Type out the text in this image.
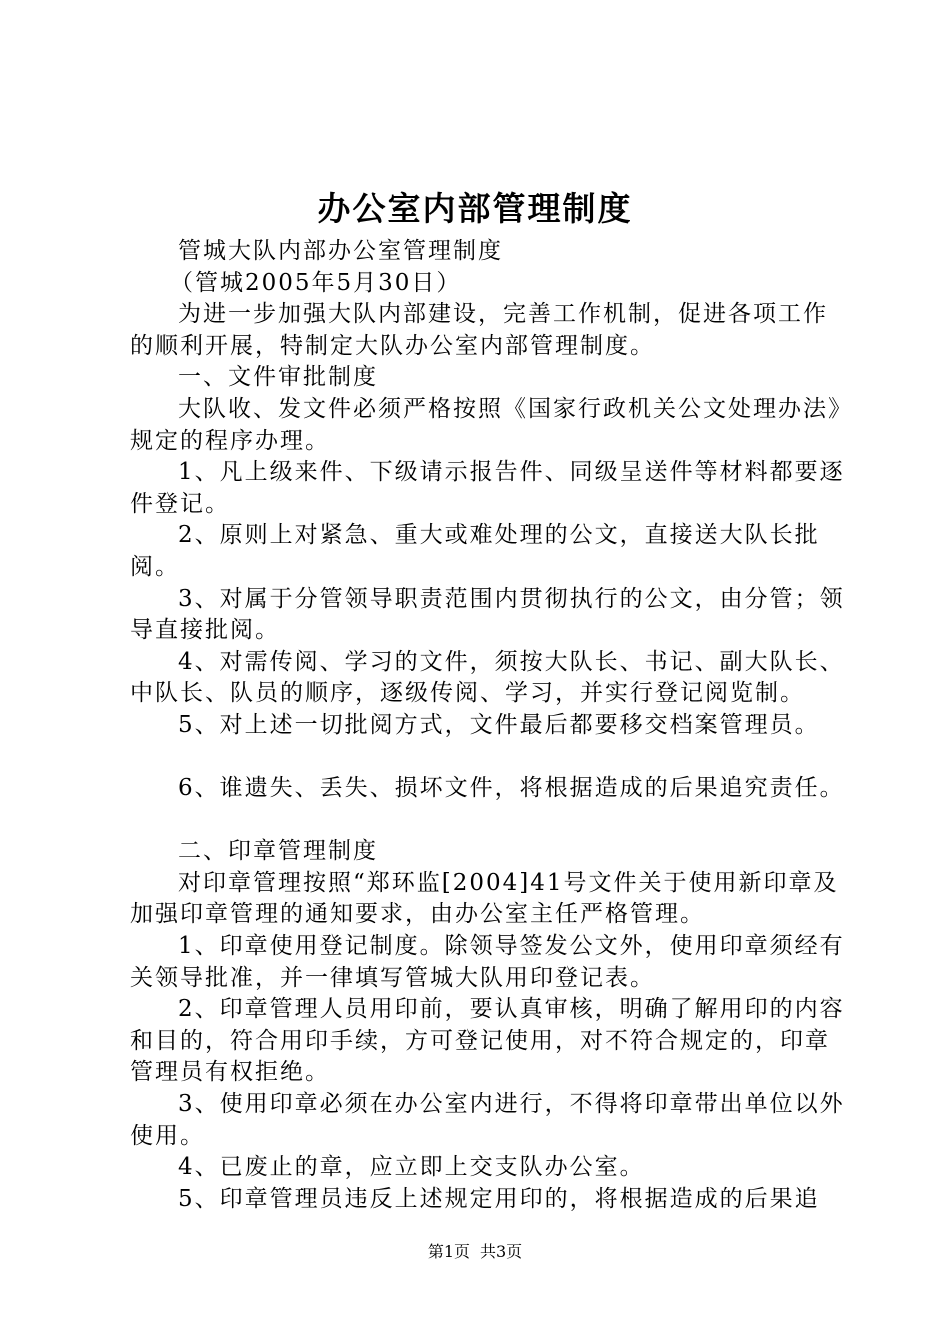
办公室内部管理制度

管城大队内部办公室管理制度

（管城2005年5月30日）

为进一步加强大队内部建设，完善工作机制，促进各项工作的顺利开展，特制定大队办公室内部管理制度。

一、文件审批制度

大队收、发文件必须严格按照《国家行政机关公文处理办法》规定的程序办理。

1、凡上级来件、下级请示报告件、同级呈送件等材料都要逐件登记。

2、原则上对紧急、重大或难处理的公文，直接送大队长批阅。

3、对属于分管领导职责范围内贯彻执行的公文，由分管；领导直接批阅。

4、对需传阅、学习的文件，须按大队长、书记、副大队长、中队长、队员的顺序，逐级传阅、学习，并实行登记阅览制。

5、对上述一切批阅方式，文件最后都要移交档案管理员。

6、谁遗失、丢失、损坏文件，将根据造成的后果追究责任。

二、印章管理制度

对印章管理按照“郑环监[2004]41号文件关于使用新印章及加强印章管理的通知要求，由办公室主任严格管理。

1、印章使用登记制度。除领导签发公文外，使用印章须经有关领导批准，并一律填写管城大队用印登记表。

2、印章管理人员用印前，要认真审核，明确了解用印的内容和目的，符合用印手续，方可登记使用，对不符合规定的，印章管理员有权拒绝。

3、使用印章必须在办公室内进行，不得将印章带出单位以外使用。

4、已废止的章，应立即上交支队办公室。

5、印章管理员违反上述规定用印的，将根据造成的后果追

第1页 共3页
